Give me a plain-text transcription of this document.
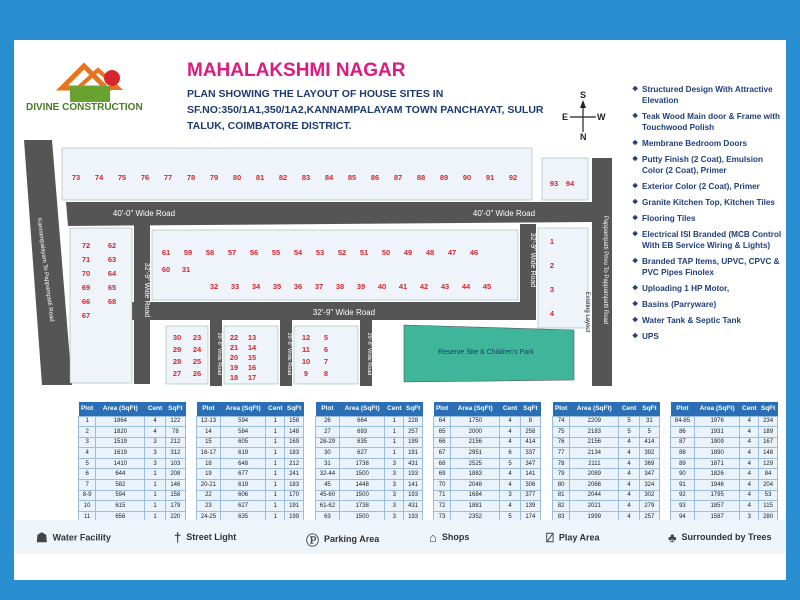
DIVINE CONSTRUCTION
MAHALAKSHMI NAGAR
PLAN SHOWING THE LAYOUT OF HOUSE SITES IN SF.NO:350/1A1,350/1A2,KANNAMPALAYAM TOWN PANCHAYAT, SULUR TALUK, COIMBATORE DISTRICT.
S
N
E	W
❖ Structured Design With Attractive Elevation
❖ Teak Wood Main door & Frame with Touchwood Polish
❖ Membrane Bedroom Doors
❖ Putty Finish (2 Coat), Emulsion Color (2 Coat), Primer
❖ Exterior Color (2 Coat), Primer
❖ Granite Kitchen Top, Kitchen Tiles
❖ Flooring Tiles
❖ Electrical ISI Branded (MCB Control With EB Service Wiring & Lights)
❖ Branded TAP Items, UPVC, CPVC & PVC Pipes Finolex
❖ Uploading 1 HP Motor,
❖ Basins (Parryware)
❖ Water Tank & Septic Tank
❖ UPS
40'-0" Wide Road	40'-0" Wide Road
32'-9" Wide Road
32'-9" Wide Road
32'-9" Wide Road
29'-6" Wide Road	29'-6" Wide Road	29'-6" Wide Road
Kannampalayam To Pappampatti Road	Pappampatti Privu To Pappampatti Road
Existing Layout
Reserve Site & Children's Park
73 74 75 76 77 78 79 80 81 82 83 84 85 86 87 88 89 90 91 92
93 94
61 59 58 57 56 55 54 53 52 51 50 49 48 47 46
60 31
32 33 34 35 36 37 38 39 40 41 42 43 44 45
72 62
71 63
70 64
69 65
66 68
67
1
2
3
4
30 23
29 24
28 25
27 26
22 13
21 14
20 15
19 16
18 17
12 5
11 6
10 7
9 8
Plot	Area (SqFt)	Cent	SqFt
1	1864	4	122
2	1820	4	78
3	1519	3	212
4	1619	3	312
5	1410	3	103
6	644	1	208
7	582	1	146
8-9	594	1	158
10	615	1	179
11	656	1	220
Plot	Area (SqFt)	Cent	SqFt
12-13	594	1	158
14	584	1	148
15	605	1	169
16-17	619	1	183
18	648	1	212
19	677	1	241
20-21	619	1	183
22	606	1	170
23	627	1	191
24-25	635	1	199
Plot	Area (SqFt)	Cent	SqFt
26	664	1	228
27	693	1	257
28-29	635	1	199
30	627	1	191
31	1738	3	431
32-44	1500	3	193
45	1448	3	141
45-60	1500	3	193
61-62	1738	3	431
63	1500	3	193
Plot	Area (SqFt)	Cent	SqFt
64	1750	4	8
65	2000	4	258
66	2156	4	414
67	2951	6	337
68	2525	5	347
69	1883	4	141
70	2048	4	306
71	1684	3	377
72	1881	4	139
73	2352	5	174
Plot	Area (SqFt)	Cent	SqFt
74	2209	5	31
75	2183	5	5
76	2156	4	414
77	2134	4	392
78	2111	4	369
79	2089	4	347
80	2066	4	324
81	2044	4	302
82	2021	4	279
83	1999	4	257
Plot	Area (SqFt)	Cent	SqFt
84-85	1976	4	234
86	1931	4	189
87	1909	4	167
88	1890	4	148
89	1871	4	129
90	1826	4	84
91	1946	4	204
92	1795	4	53
93	1857	4	115
94	1587	3	280

☗ Water Facility	† Street Light	Ⓟ Parking Area	⌂ Shops	⍁ Play Area	♣ Surrounded by Trees
